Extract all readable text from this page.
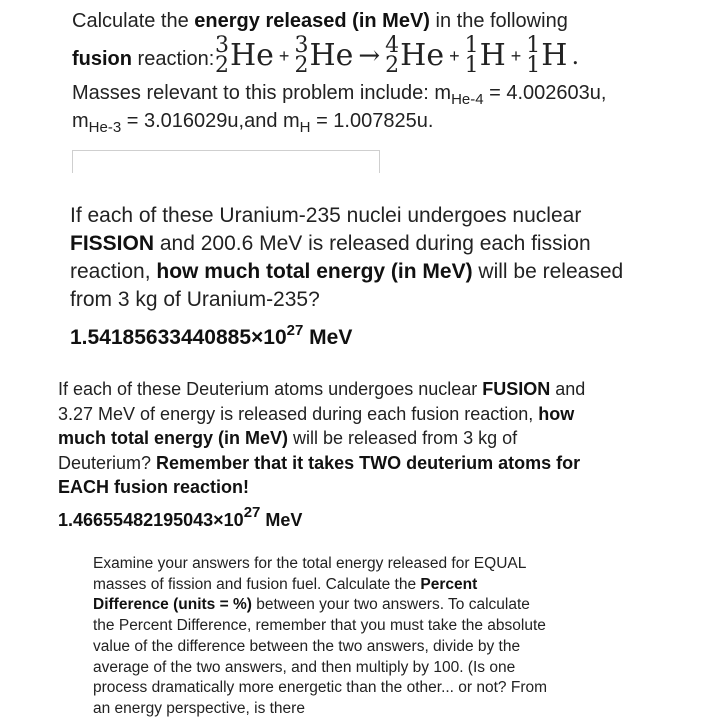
Calculate the energy released (in MeV) in the following
fusion reaction:
3
2 He + 3
2 He → 4
2 He + 1
1 H + 1
1 H .
Masses relevant to this problem include: $m_{He-4} = 4.002603u$,
$m_{He-3} = 3.016029u,and$ $m_H = 1.007825u$.
If each of these Uranium-235 nuclei undergoes nuclear FISSION and 200.6 MeV is released during each fission reaction, how much total energy (in MeV) will be released from 3 kg of Uranium-235?
$1.54185633440885\times 10^{27}$ MeV
If each of these Deuterium atoms undergoes nuclear FUSION and 3.27 MeV of energy is released during each fusion reaction, how much total energy (in MeV) will be released from 3 kg of Deuterium? Remember that it takes TWO deuterium atoms for EACH fusion reaction!
$1.46655482195043\times 10^{27}$ MeV
Examine your answers for the total energy released for EQUAL masses of fission and fusion fuel. Calculate the Percent Difference (units = %) between your two answers. To calculate the Percent Difference, remember that you must take the absolute value of the difference between the two answers, divide by the average of the two answers, and then multiply by 100. (Is one process dramatically more energetic than the other... or not? From an energy perspective, is there
